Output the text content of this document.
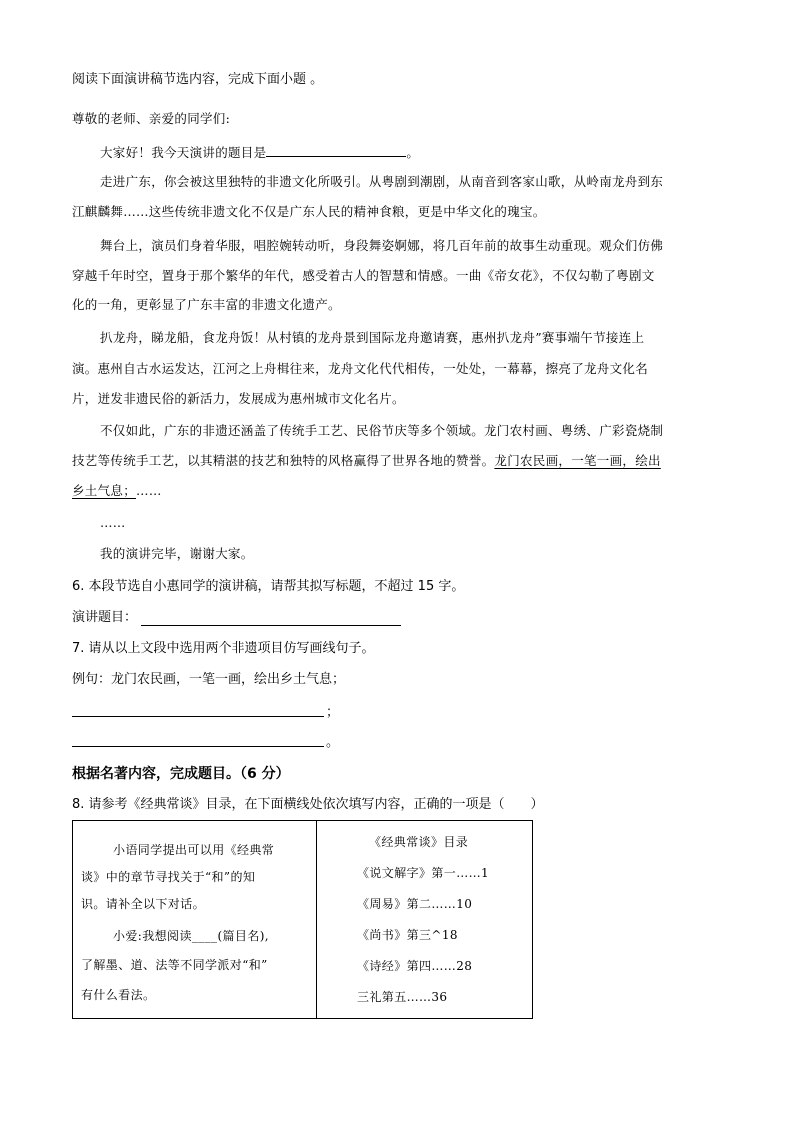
阅读下面演讲稿节选内容，完成下面小题 。
尊敬的老师、亲爱的同学们:
大家好！我今天演讲的题目是	。
走进广东，你会被这里独特的非遗文化所吸引。从粤剧到潮剧，从南音到客家山歌，从岭南龙舟到东
江麒麟舞……这些传统非遗文化不仅是广东人民的精神食粮，更是中华文化的瑰宝。
舞台上，演员们身着华服，唱腔婉转动听，身段舞姿婀娜，将几百年前的故事生动重现。观众们仿佛
穿越千年时空，置身于那个繁华的年代，感受着古人的智慧和情感。一曲《帝女花》，不仅勾勒了粤剧文
化的一角，更彰显了广东丰富的非遗文化遗产。
扒龙舟，睇龙船，食龙舟饭！从村镇的龙舟景到国际龙舟邀请赛，惠州扒龙舟”赛事端午节接连上
演。惠州自古水运发达，江河之上舟楫往来，龙舟文化代代相传，一处处，一幕幕，擦亮了龙舟文化名
片，迸发非遗民俗的新活力，发展成为惠州城市文化名片。
不仅如此，广东的非遗还涵盖了传统手工艺、民俗节庆等多个领域。龙门农村画、粤绣、广彩瓷烧制
技艺等传统手工艺，以其精湛的技艺和独特的风格赢得了世界各地的赞誉。龙门农民画，一笔一画，绘出
乡土气息；……
……
我的演讲完毕，谢谢大家。
6. 本段节选自小惠同学的演讲稿，请帮其拟写标题，不超过 15 字。
演讲题目：
7. 请从以上文段中选用两个非遗项目仿写画线句子。
例句：龙门农民画，一笔一画，绘出乡土气息；
；
。
根据名著内容，完成题目。（6 分）
8. 请参考《经典常谈》目录，在下面横线处依次填写内容，正确的一项是（　　）
小语同学提出可以用《经典常
谈》中的章节寻找关于“和”的知
识。请补全以下对话。
小爱:我想阅读____(篇目名),
了解墨、道、法等不同学派对“和”
有什么看法。

《经典常谈》目录
《说文解字》第一……1
《周易》第二……10
《尚书》第三^18
《诗经》第四……28
三礼第五……36
